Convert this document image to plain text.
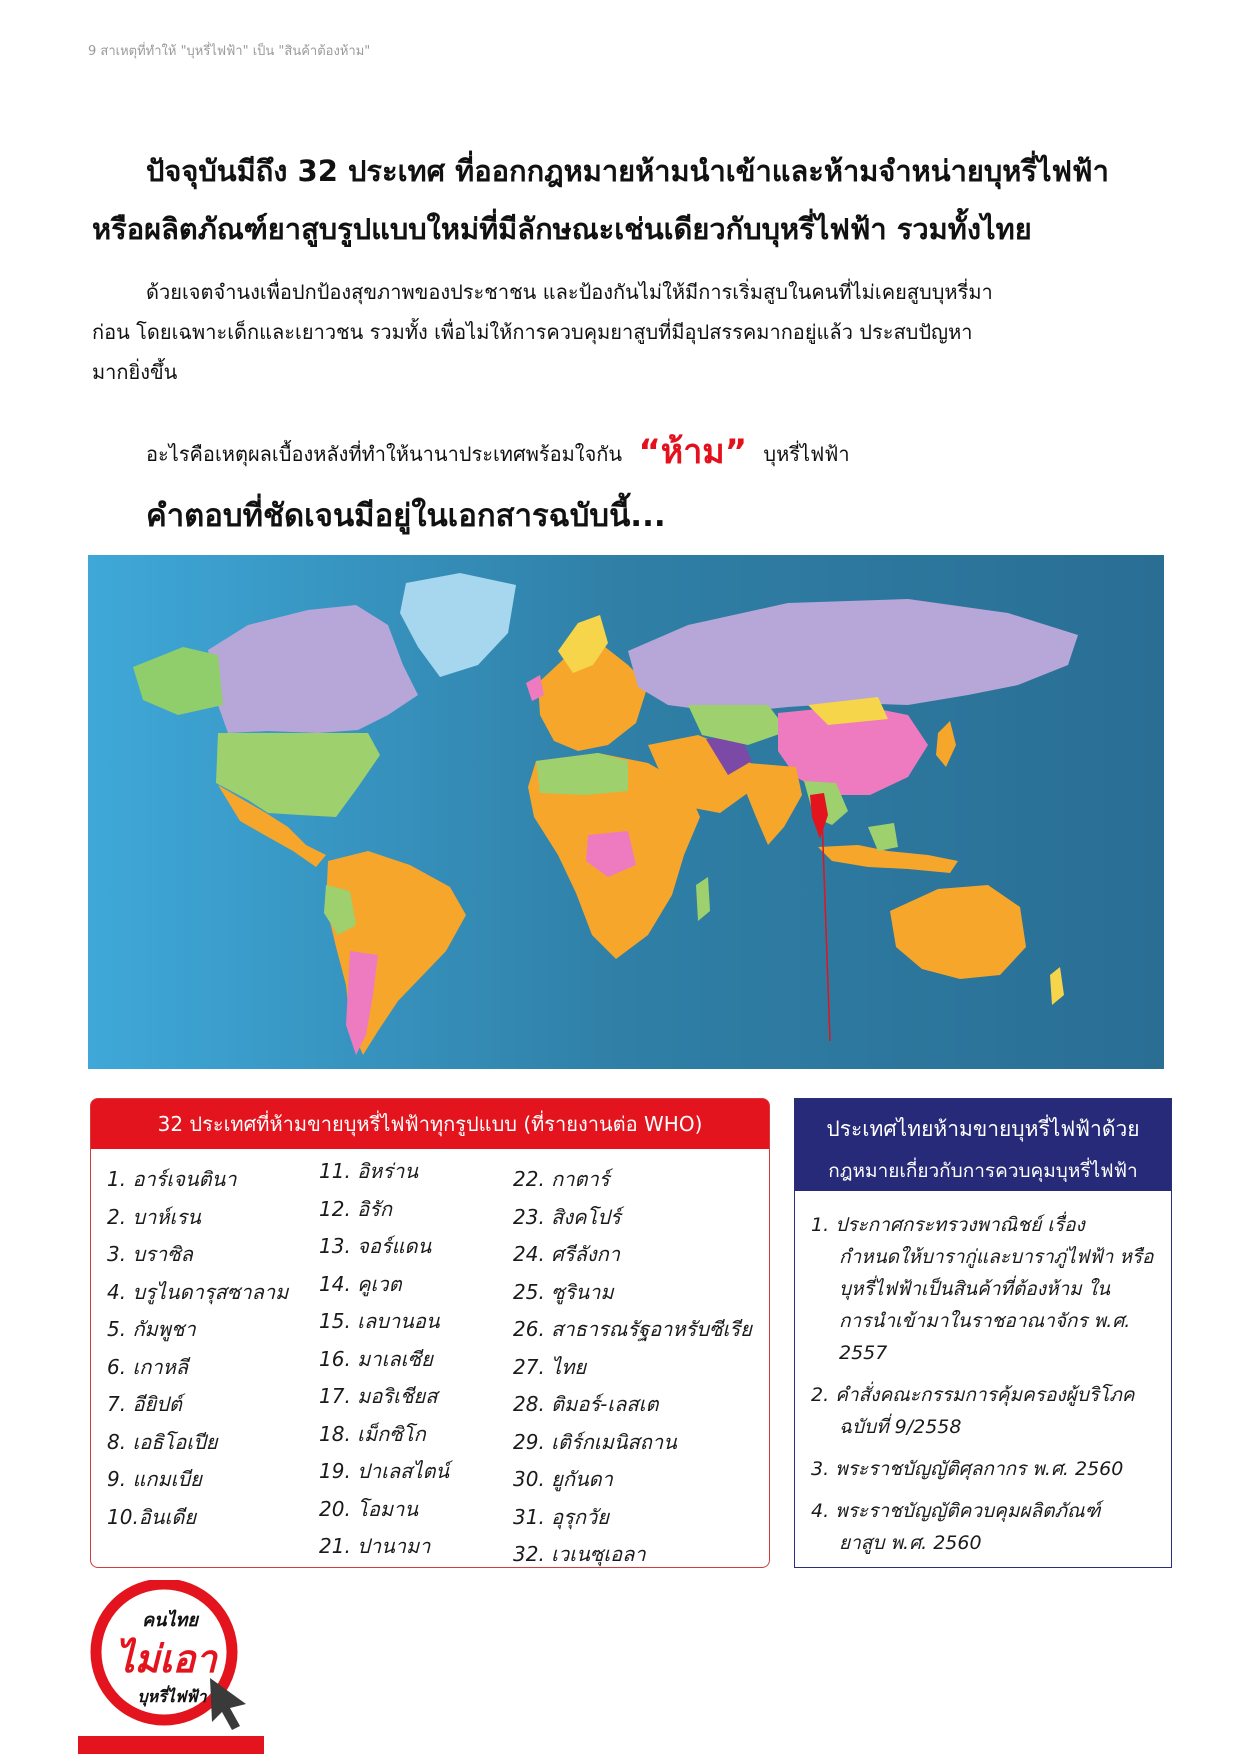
9 สาเหตุที่ทำให้ "บุหรี่ไฟฟ้า" เป็น "สินค้าต้องห้าม"
ปัจจุบันมีถึง 32 ประเทศ ที่ออกกฎหมายห้ามนำเข้าและห้ามจำหน่ายบุหรี่ไฟฟ้า
หรือผลิตภัณฑ์ยาสูบรูปแบบใหม่ที่มีลักษณะเช่นเดียวกับบุหรี่ไฟฟ้า รวมทั้งไทย
ด้วยเจตจำนงเพื่อปกป้องสุขภาพของประชาชน และป้องกันไม่ให้มีการเริ่มสูบในคนที่ไม่เคยสูบบุหรี่มา
ก่อน โดยเฉพาะเด็กและเยาวชน รวมทั้ง เพื่อไม่ให้การควบคุมยาสูบที่มีอุปสรรคมากอยู่แล้ว ประสบปัญหา
มากยิ่งขึ้น
อะไรคือเหตุผลเบื้องหลังที่ทำให้นานาประเทศพร้อมใจกัน “ห้าม” บุหรี่ไฟฟ้า
คำตอบที่ชัดเจนมีอยู่ในเอกสารฉบับนี้...
32 ประเทศที่ห้ามขายบุหรี่ไฟฟ้าทุกรูปแบบ (ที่รายงานต่อ WHO)
1. อาร์เจนตินา
2. บาห์เรน
3. บราซิล
4. บรูไนดารุสซาลาม
5. กัมพูชา
6. เกาหลี
7. อียิปต์
8. เอธิโอเปีย
9. แกมเบีย
10.อินเดีย
11. อิหร่าน
12. อิรัก
13. จอร์แดน
14. คูเวต
15. เลบานอน
16. มาเลเซีย
17. มอริเชียส
18. เม็กซิโก
19. ปาเลสไตน์
20. โอมาน
21. ปานามา
22. กาตาร์
23. สิงคโปร์
24. ศรีลังกา
25. ซูรินาม
26. สาธารณรัฐอาหรับซีเรีย
27. ไทย
28. ติมอร์-เลสเต
29. เติร์กเมนิสถาน
30. ยูกันดา
31. อุรุกวัย
32. เวเนซุเอลา
ประเทศไทยห้ามขายบุหรี่ไฟฟ้าด้วย
กฎหมายเกี่ยวกับการควบคุมบุหรี่ไฟฟ้า
1. ประกาศกระทรวงพาณิชย์ เรื่อง
กำหนดให้บารากู่และบาราภู่ไฟฟ้า หรือบุหรี่ไฟฟ้าเป็นสินค้าที่ต้องห้าม ในการนำเข้ามาในราชอาณาจักร พ.ศ. 2557
2. คำสั่งคณะกรรมการคุ้มครองผู้บริโภค
ฉบับที่ 9/2558
3. พระราชบัญญัติศุลกากร พ.ศ. 2560
4. พระราชบัญญัติควบคุมผลิตภัณฑ์
ยาสูบ พ.ศ. 2560
คนไทย
ไม่เอา
บุหรี่ไฟฟ้า
